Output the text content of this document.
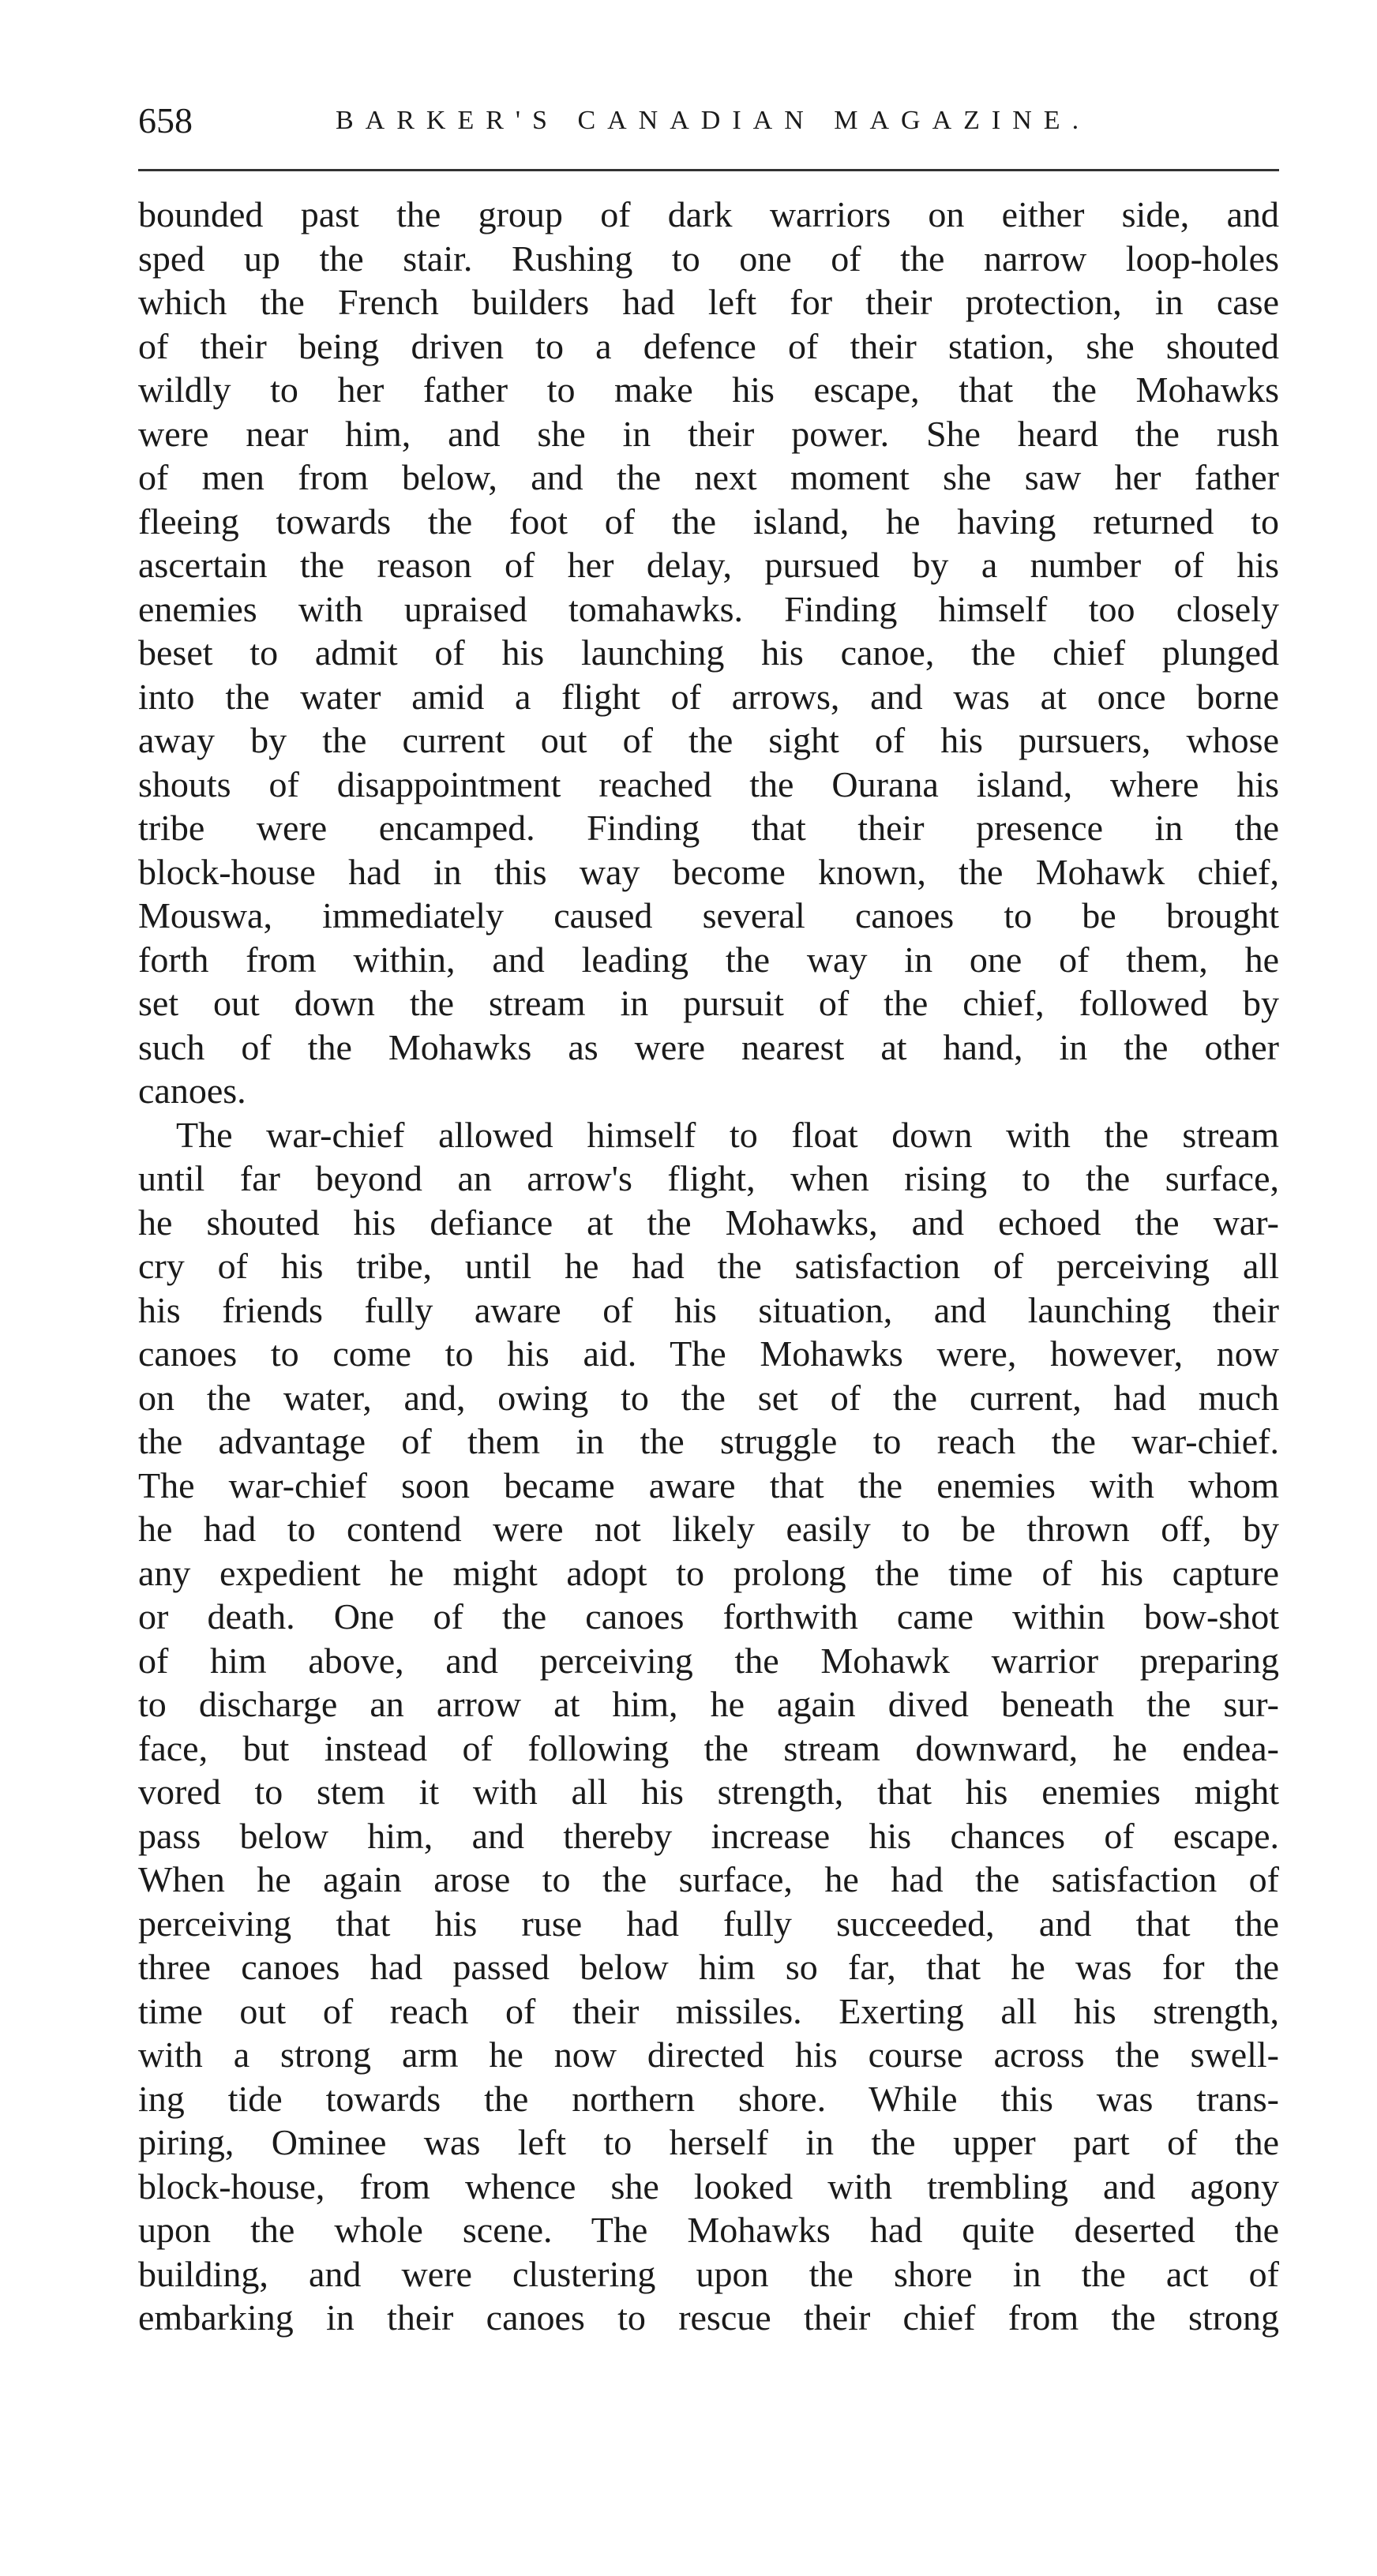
658	BARKER'S CANADIAN MAGAZINE.
bounded past the group of dark warriors on either side, and
sped up the stair. Rushing to one of the narrow loop-holes
which the French builders had left for their protection, in case
of their being driven to a defence of their station, she shouted
wildly to her father to make his escape, that the Mohawks
were near him, and she in their power. She heard the rush
of men from below, and the next moment she saw her father
fleeing towards the foot of the island, he having returned to
ascertain the reason of her delay, pursued by a number of his
enemies with upraised tomahawks. Finding himself too closely
beset to admit of his launching his canoe, the chief plunged
into the water amid a flight of arrows, and was at once borne
away by the current out of the sight of his pursuers, whose
shouts of disappointment reached the Ourana island, where his
tribe were encamped. Finding that their presence in the
block-house had in this way become known, the Mohawk chief,
Mouswa, immediately caused several canoes to be brought
forth from within, and leading the way in one of them, he
set out down the stream in pursuit of the chief, followed by
such of the Mohawks as were nearest at hand, in the other
canoes.
The war-chief allowed himself to float down with the stream
until far beyond an arrow's flight, when rising to the surface,
he shouted his defiance at the Mohawks, and echoed the war-
cry of his tribe, until he had the satisfaction of perceiving all
his friends fully aware of his situation, and launching their
canoes to come to his aid. The Mohawks were, however, now
on the water, and, owing to the set of the current, had much
the advantage of them in the struggle to reach the war-chief.
The war-chief soon became aware that the enemies with whom
he had to contend were not likely easily to be thrown off, by
any expedient he might adopt to prolong the time of his capture
or death. One of the canoes forthwith came within bow-shot
of him above, and perceiving the Mohawk warrior preparing
to discharge an arrow at him, he again dived beneath the sur-
face, but instead of following the stream downward, he endea-
vored to stem it with all his strength, that his enemies might
pass below him, and thereby increase his chances of escape.
When he again arose to the surface, he had the satisfaction of
perceiving that his ruse had fully succeeded, and that the
three canoes had passed below him so far, that he was for the
time out of reach of their missiles. Exerting all his strength,
with a strong arm he now directed his course across the swell-
ing tide towards the northern shore. While this was trans-
piring, Ominee was left to herself in the upper part of the
block-house, from whence she looked with trembling and agony
upon the whole scene. The Mohawks had quite deserted the
building, and were clustering upon the shore in the act of
embarking in their canoes to rescue their chief from the strong
